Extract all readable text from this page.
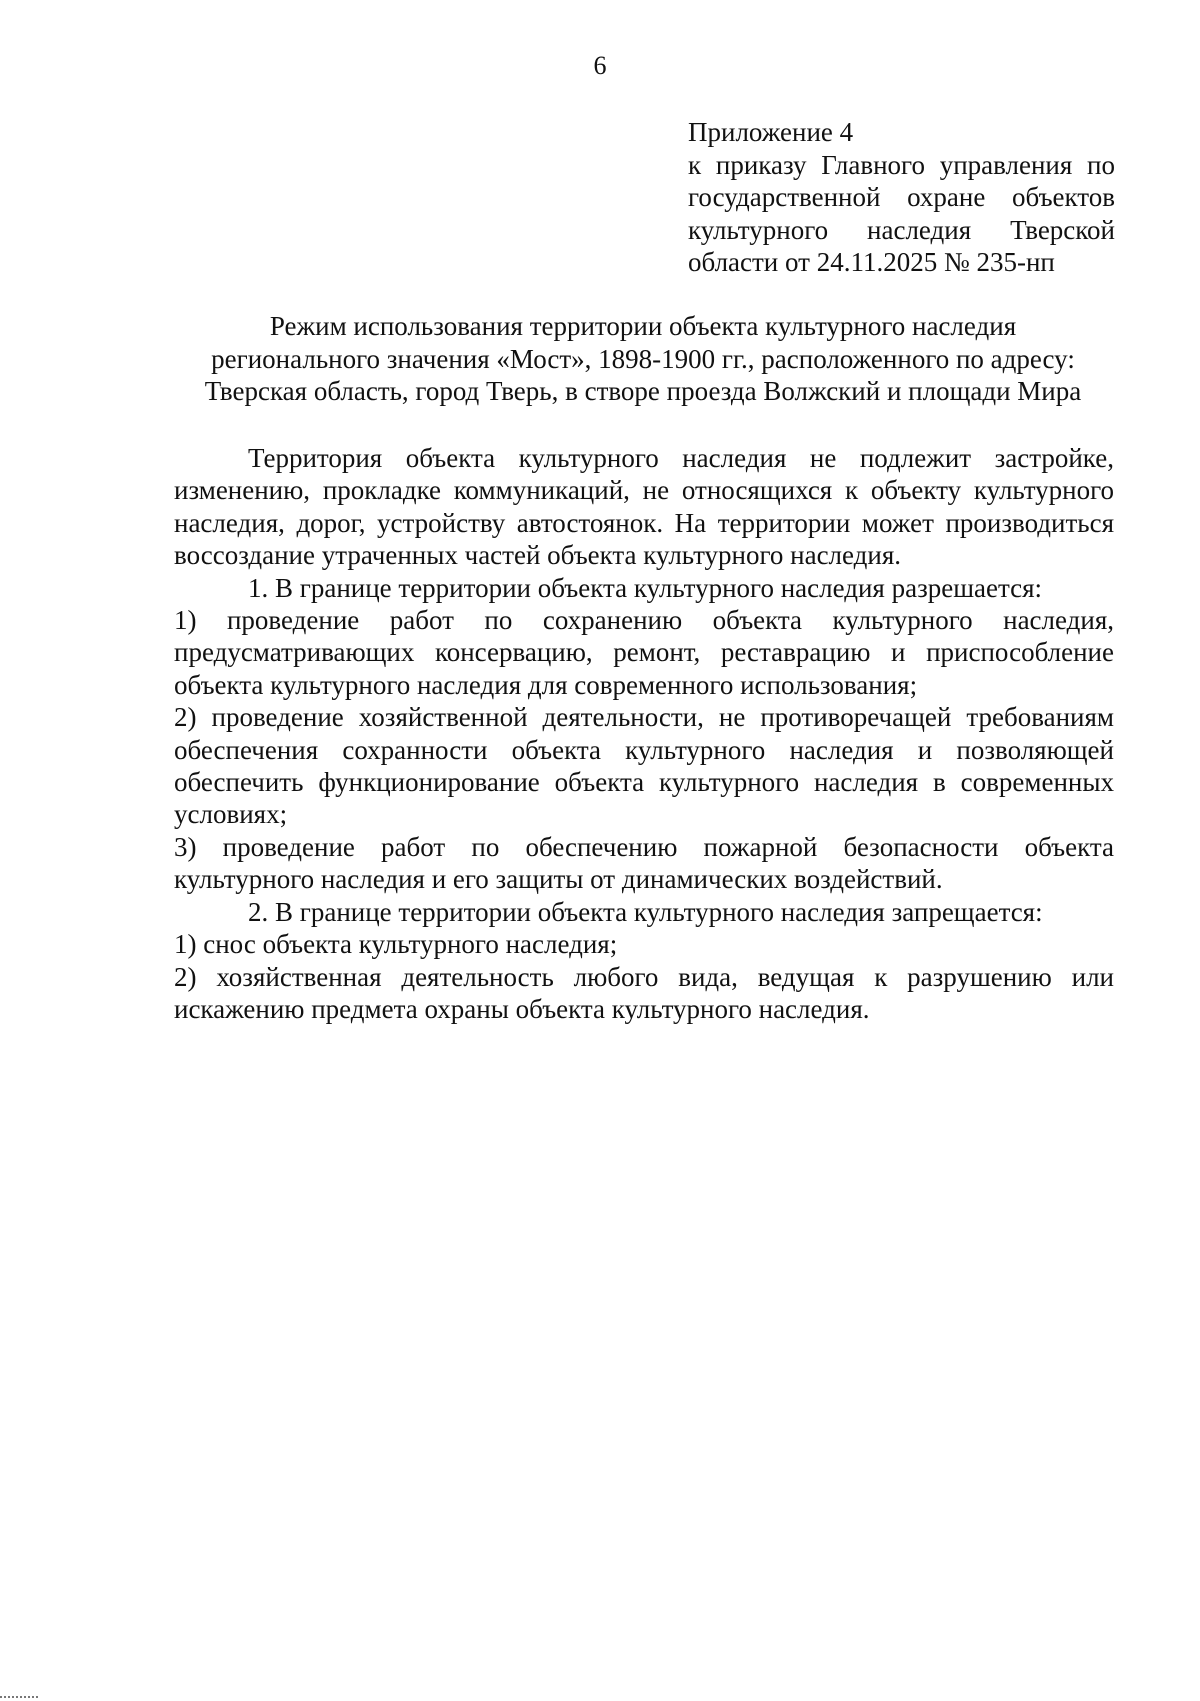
6
Приложение 4
к приказу Главного управления по
государственной охране объектов
культурного наследия Тверской
области от 24.11.2025 № 235-нп
Режим использования территории объекта культурного наследия
регионального значения «Мост», 1898-1900 гг., расположенного по адресу:
Тверская область, город Тверь, в створе проезда Волжский и площади Мира
Территория объекта культурного наследия не подлежит застройке,
изменению, прокладке коммуникаций, не относящихся к объекту культурного
наследия, дорог, устройству автостоянок. На территории может производиться
воссоздание утраченных частей объекта культурного наследия.
1. В границе территории объекта культурного наследия разрешается:
1) проведение работ по сохранению объекта культурного наследия,
предусматривающих консервацию, ремонт, реставрацию и приспособление
объекта культурного наследия для современного использования;
2) проведение хозяйственной деятельности, не противоречащей требованиям
обеспечения сохранности объекта культурного наследия и позволяющей
обеспечить функционирование объекта культурного наследия в современных
условиях;
3) проведение работ по обеспечению пожарной безопасности объекта
культурного наследия и его защиты от динамических воздействий.
2. В границе территории объекта культурного наследия запрещается:
1) снос объекта культурного наследия;
2) хозяйственная деятельность любого вида, ведущая к разрушению или
искажению предмета охраны объекта культурного наследия.
